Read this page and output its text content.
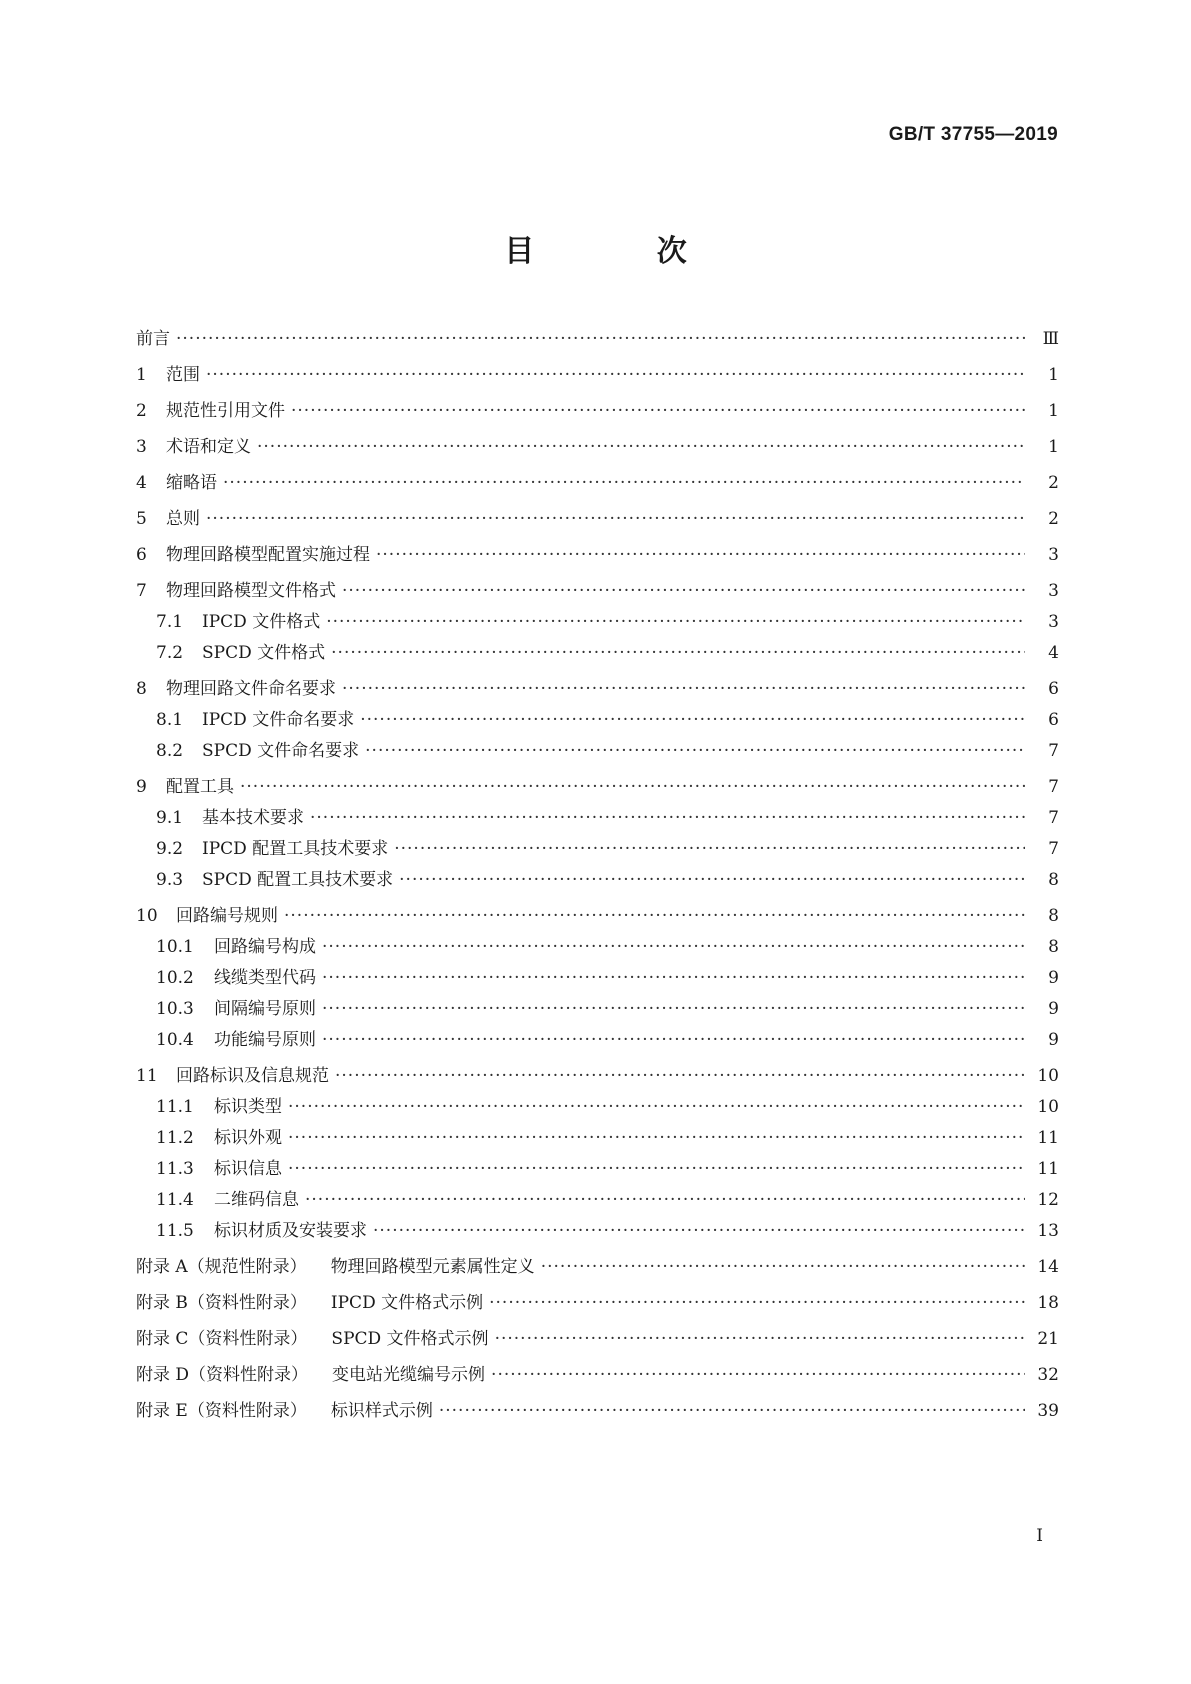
GB/T 37755—2019
目 次
前言 ·····	Ⅲ
1	范围 ·····	1
2	规范性引用文件 ·····	1
3	术语和定义 ·····	1
4	缩略语 ·····	2
5	总则 ·····	2
6	物理回路模型配置实施过程 ·····	3
7	物理回路模型文件格式 ·····	3
7.1	IPCD 文件格式 ·····	3
7.2	SPCD 文件格式 ·····	4
8	物理回路文件命名要求 ·····	6
8.1	IPCD 文件命名要求 ·····	6
8.2	SPCD 文件命名要求 ·····	7
9	配置工具 ·····	7
9.1	基本技术要求 ·····	7
9.2	IPCD 配置工具技术要求 ·····	7
9.3	SPCD 配置工具技术要求 ·····	8
10	回路编号规则 ·····	8
10.1	回路编号构成 ·····	8
10.2	线缆类型代码 ·····	9
10.3	间隔编号原则 ·····	9
10.4	功能编号原则 ·····	9
11	回路标识及信息规范 ·····	10
11.1	标识类型 ·····	10
11.2	标识外观 ·····	11
11.3	标识信息 ·····	11
11.4	二维码信息 ·····	12
11.5	标识材质及安装要求 ·····	13
附录 A（规范性附录） 物理回路模型元素属性定义 ·····	14
附录 B（资料性附录） IPCD 文件格式示例 ·····	18
附录 C（资料性附录） SPCD 文件格式示例 ·····	21
附录 D（资料性附录） 变电站光缆编号示例 ·····	32
附录 E（资料性附录） 标识样式示例 ·····	39
I
